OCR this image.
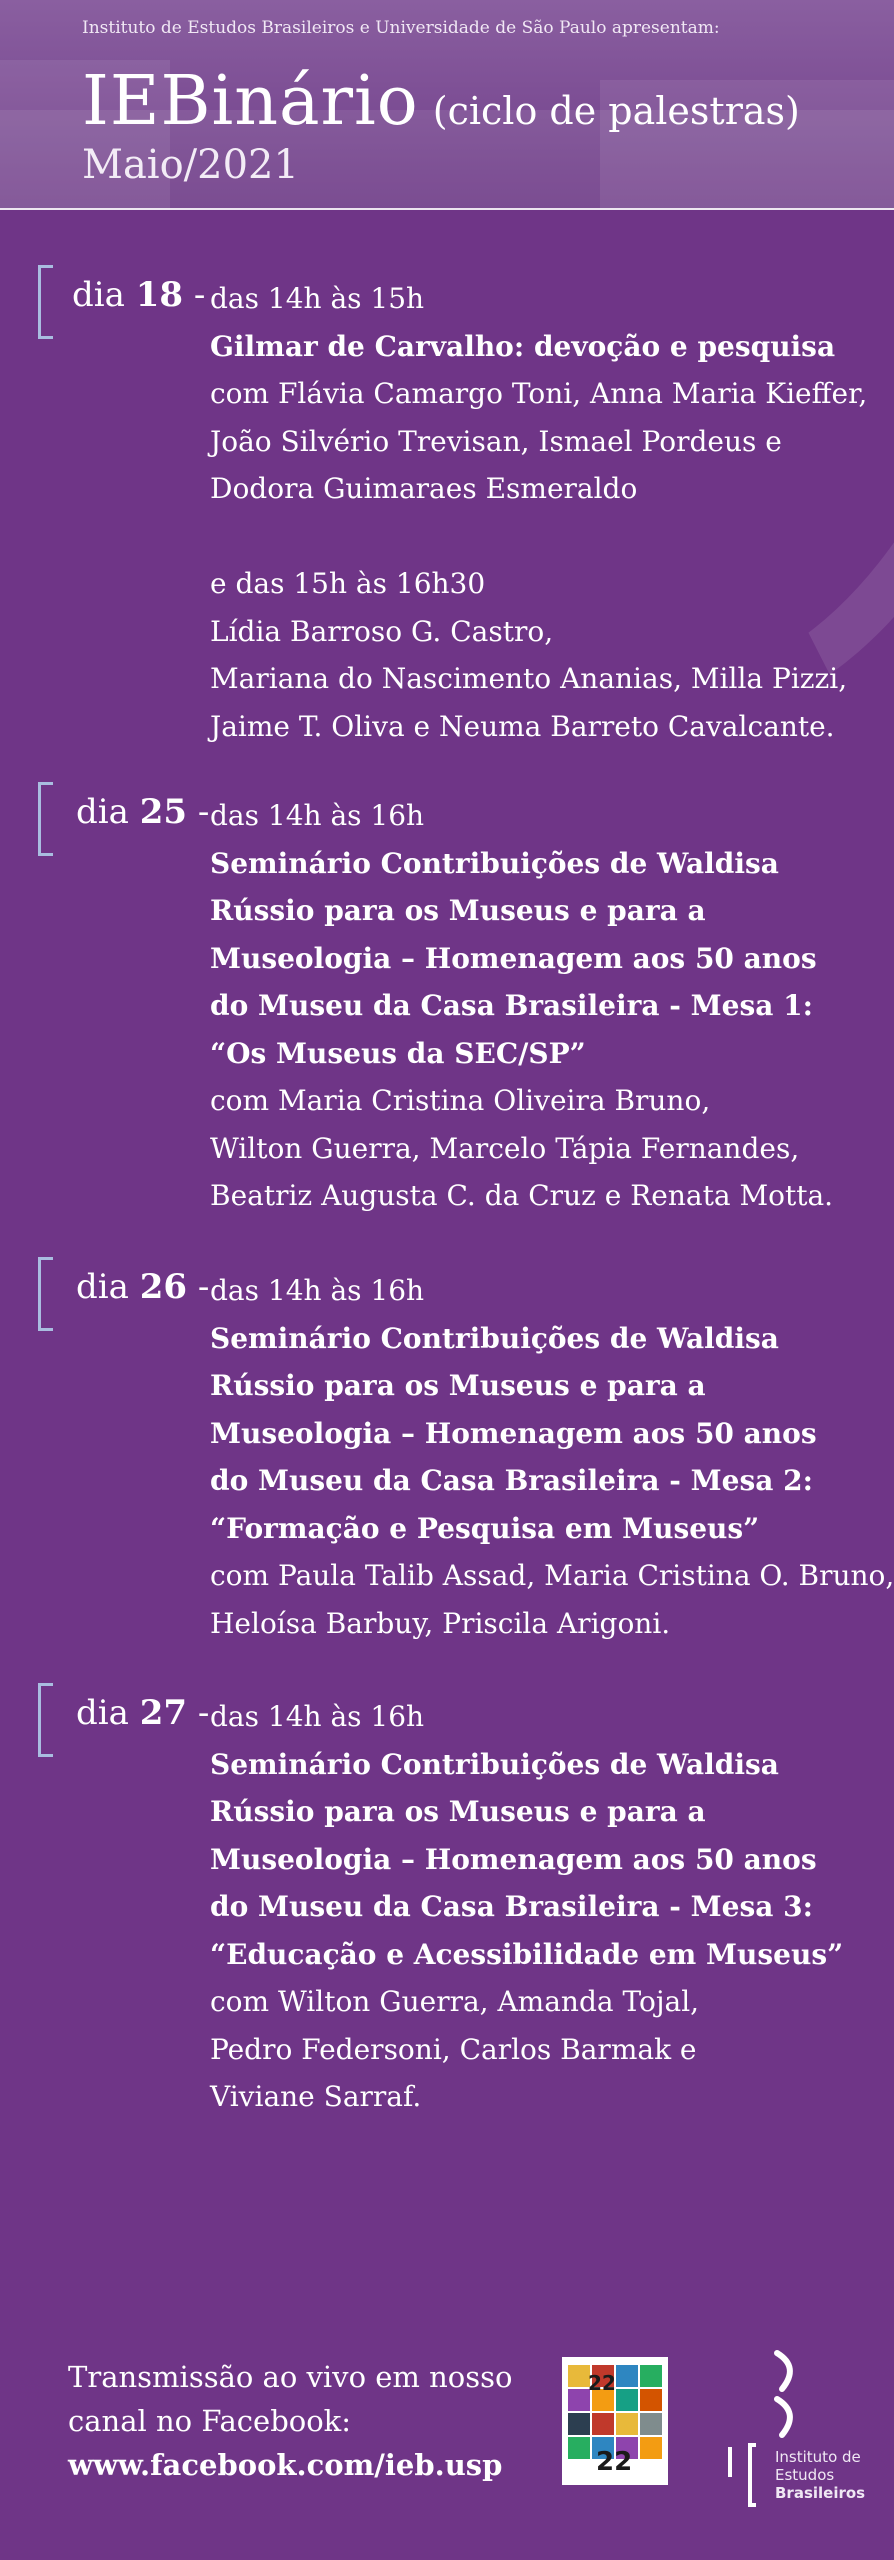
Instituto de Estudos Brasileiros e Universidade de São Paulo apresentam:
IEBinário (ciclo de palestras)
Maio/2021
dia 18 - das 14h às 15h
Gilmar de Carvalho: devoção e pesquisa
com Flávia Camargo Toni, Anna Maria Kieffer,
João Silvério Trevisan, Ismael Pordeus e
Dodora Guimaraes Esmeraldo
e das 15h às 16h30
Lídia Barroso G. Castro,
Mariana do Nascimento Ananias, Milla Pizzi,
Jaime T. Oliva e Neuma Barreto Cavalcante.
dia 25 - das 14h às 16h
Seminário Contribuições de Waldisa
Rússio para os Museus e para a
Museologia – Homenagem aos 50 anos
do Museu da Casa Brasileira - Mesa 1:
“Os Museus da SEC/SP”
com Maria Cristina Oliveira Bruno,
Wilton Guerra, Marcelo Tápia Fernandes,
Beatriz Augusta C. da Cruz e Renata Motta.
dia 26 - das 14h às 16h
Seminário Contribuições de Waldisa
Rússio para os Museus e para a
Museologia – Homenagem aos 50 anos
do Museu da Casa Brasileira - Mesa 2:
“Formação e Pesquisa em Museus”
com Paula Talib Assad, Maria Cristina O. Bruno,
Heloísa Barbuy, Priscila Arigoni.
dia 27 - das 14h às 16h
Seminário Contribuições de Waldisa
Rússio para os Museus e para a
Museologia – Homenagem aos 50 anos
do Museu da Casa Brasileira - Mesa 3:
“Educação e Acessibilidade em Museus”
com Wilton Guerra, Amanda Tojal,
Pedro Federsoni, Carlos Barmak e
Viviane Sarraf.
Transmissão ao vivo em nosso
canal no Facebook:
www.facebook.com/ieb.usp
22
22	Instituto de
Estudos
Brasileiros
